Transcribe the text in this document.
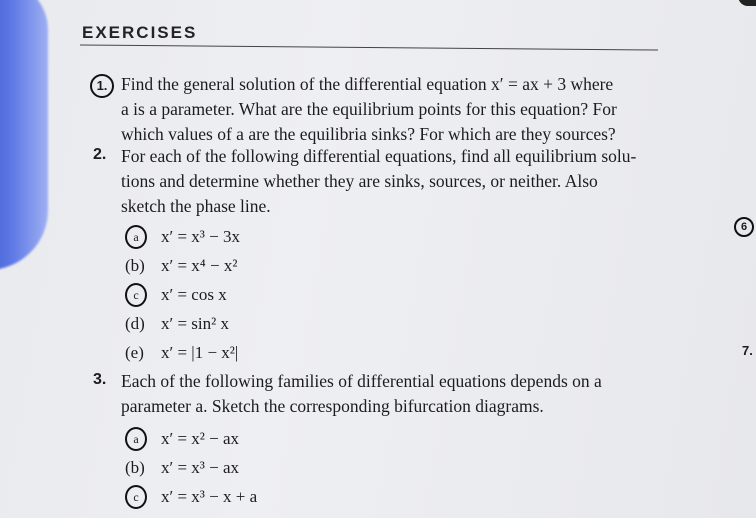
EXERCISES
1. Find the general solution of the differential equation x′ = ax + 3 where
a is a parameter. What are the equilibrium points for this equation? For
which values of a are the equilibria sinks? For which are they sources?
2. For each of the following differential equations, find all equilibrium solu-
tions and determine whether they are sinks, sources, or neither. Also
sketch the phase line.
a	x′ = x³ − 3x
(b) x′ = x⁴ − x²
c	x′ = cos x
(d) x′ = sin² x
(e)	x′ = |1 − x²|
3. Each of the following families of differential equations depends on a
parameter a. Sketch the corresponding bifurcation diagrams.
a	x′ = x² − ax
(b) x′ = x³ − ax
c	x′ = x³ − x + a
6
7.
